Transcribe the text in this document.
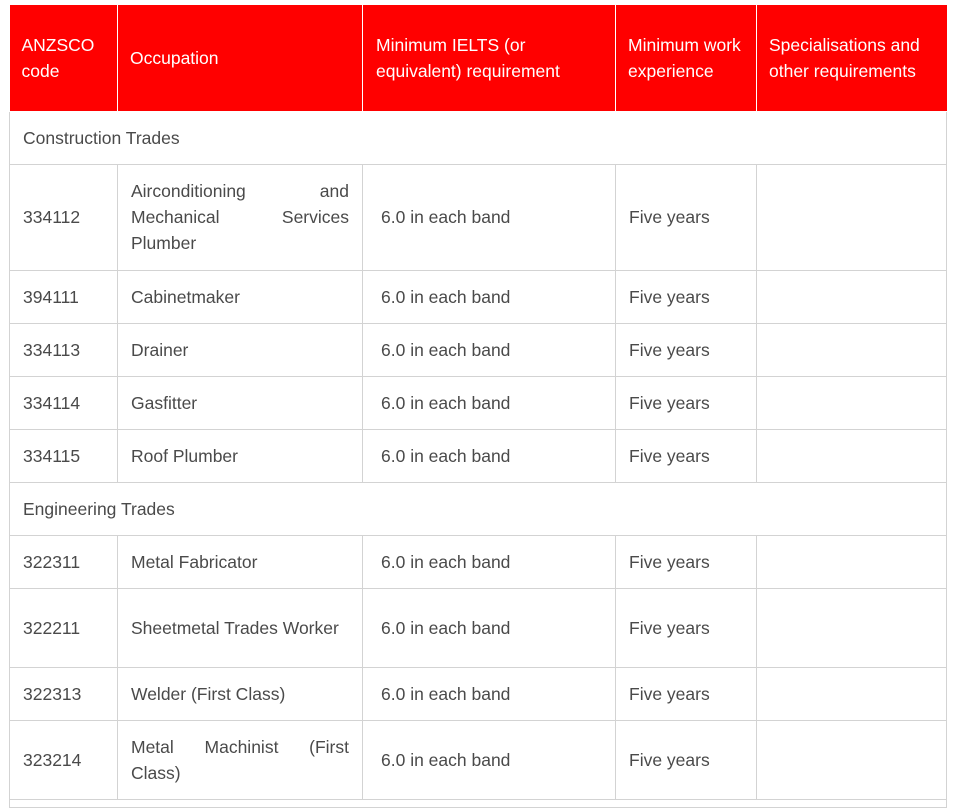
ANZSCO code	Occupation	Minimum IELTS (or equivalent) requirement	Minimum work experience	Specialisations and other requirements
Construction Trades				
334112	Airconditioning and Mechanical Services Plumber	6.0 in each band	Five years	
394111	Cabinetmaker	6.0 in each band	Five years	
334113	Drainer	6.0 in each band	Five years	
334114	Gasfitter	6.0 in each band	Five years	
334115	Roof Plumber	6.0 in each band	Five years	
Engineering Trades				
322311	Metal Fabricator	6.0 in each band	Five years	
322211	Sheetmetal Trades Worker	6.0 in each band	Five years	
322313	Welder (First Class)	6.0 in each band	Five years	
323214	Metal Machinist (First Class)	6.0 in each band	Five years	
